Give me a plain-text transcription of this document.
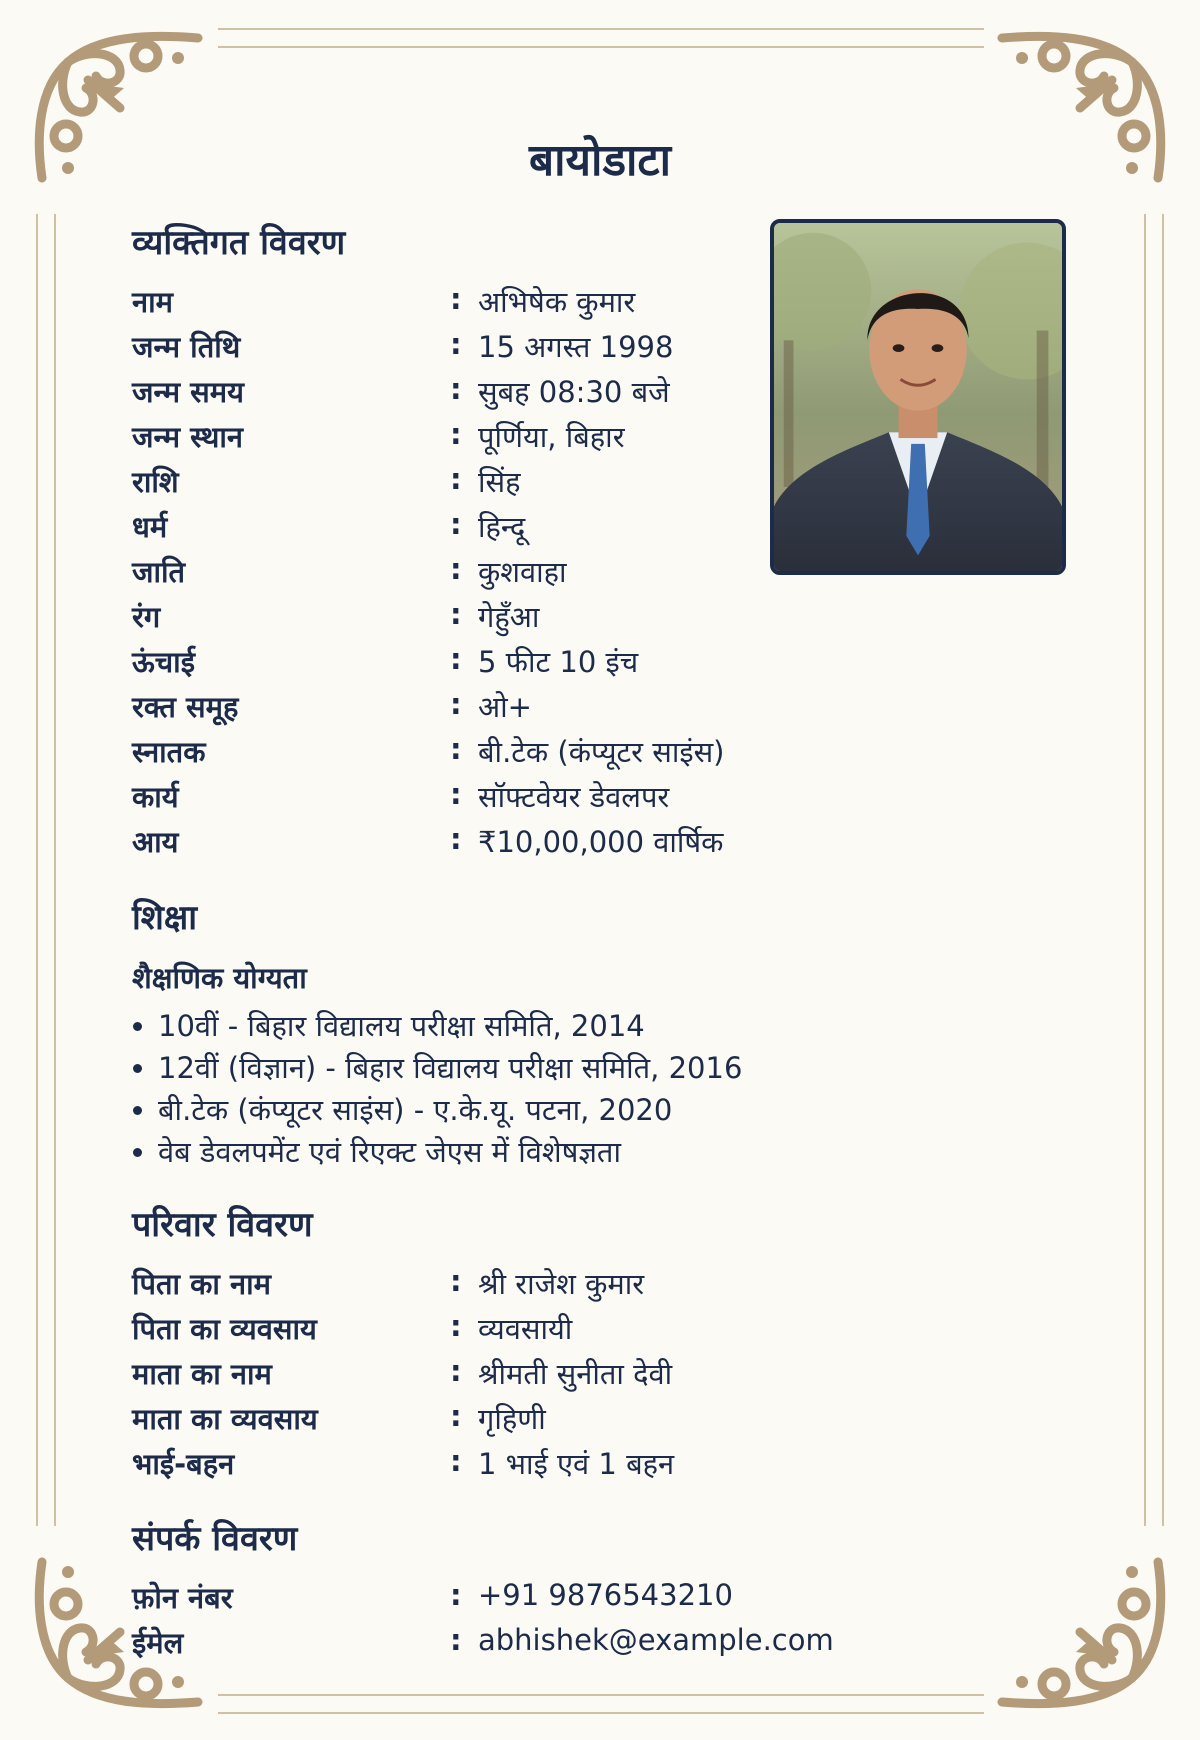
बायोडाटा
व्यक्तिगत विवरण
नाम	: अभिषेक कुमार
जन्म तिथि	: 15 अगस्त 1998
जन्म समय	: सुबह 08:30 बजे
जन्म स्थान	: पूर्णिया, बिहार
राशि	: सिंह
धर्म	: हिन्दू
जाति	: कुशवाहा
रंग	: गेहुँआ
ऊंचाई	: 5 फीट 10 इंच
रक्त समूह	: ओ+
स्नातक	: बी.टेक (कंप्यूटर साइंस)
कार्य	: सॉफ्टवेयर डेवलपर
आय	: ₹10,00,000 वार्षिक
शिक्षा
शैक्षणिक योग्यता
• 10वीं - बिहार विद्यालय परीक्षा समिति, 2014
• 12वीं (विज्ञान) - बिहार विद्यालय परीक्षा समिति, 2016
• बी.टेक (कंप्यूटर साइंस) - ए.के.यू. पटना, 2020
• वेब डेवलपमेंट एवं रिएक्ट जेएस में विशेषज्ञता
परिवार विवरण
पिता का नाम	: श्री राजेश कुमार
पिता का व्यवसाय	: व्यवसायी
माता का नाम	: श्रीमती सुनीता देवी
माता का व्यवसाय	: गृहिणी
भाई-बहन	: 1 भाई एवं 1 बहन
संपर्क विवरण
फ़ोन नंबर	: +91 9876543210
ईमेल	: abhishek@example.com
